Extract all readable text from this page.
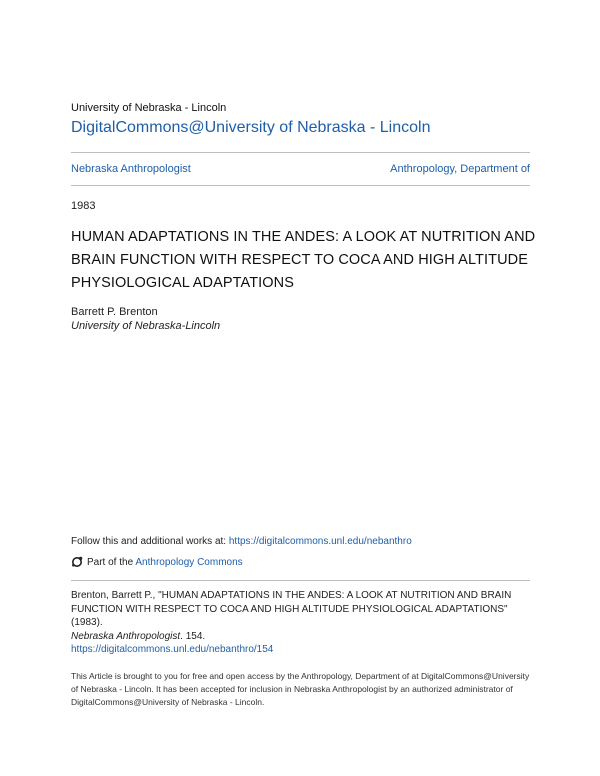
University of Nebraska - Lincoln
DigitalCommons@University of Nebraska - Lincoln
Nebraska Anthropologist	Anthropology, Department of
1983
HUMAN ADAPTATIONS IN THE ANDES: A LOOK AT NUTRITION AND BRAIN FUNCTION WITH RESPECT TO COCA AND HIGH ALTITUDE PHYSIOLOGICAL ADAPTATIONS
Barrett P. Brenton
University of Nebraska-Lincoln
Follow this and additional works at: https://digitalcommons.unl.edu/nebanthro
Part of the Anthropology Commons
Brenton, Barrett P., "HUMAN ADAPTATIONS IN THE ANDES: A LOOK AT NUTRITION AND BRAIN FUNCTION WITH RESPECT TO COCA AND HIGH ALTITUDE PHYSIOLOGICAL ADAPTATIONS" (1983).
Nebraska Anthropologist. 154.
https://digitalcommons.unl.edu/nebanthro/154
This Article is brought to you for free and open access by the Anthropology, Department of at DigitalCommons@University of Nebraska - Lincoln. It has been accepted for inclusion in Nebraska Anthropologist by an authorized administrator of DigitalCommons@University of Nebraska - Lincoln.
